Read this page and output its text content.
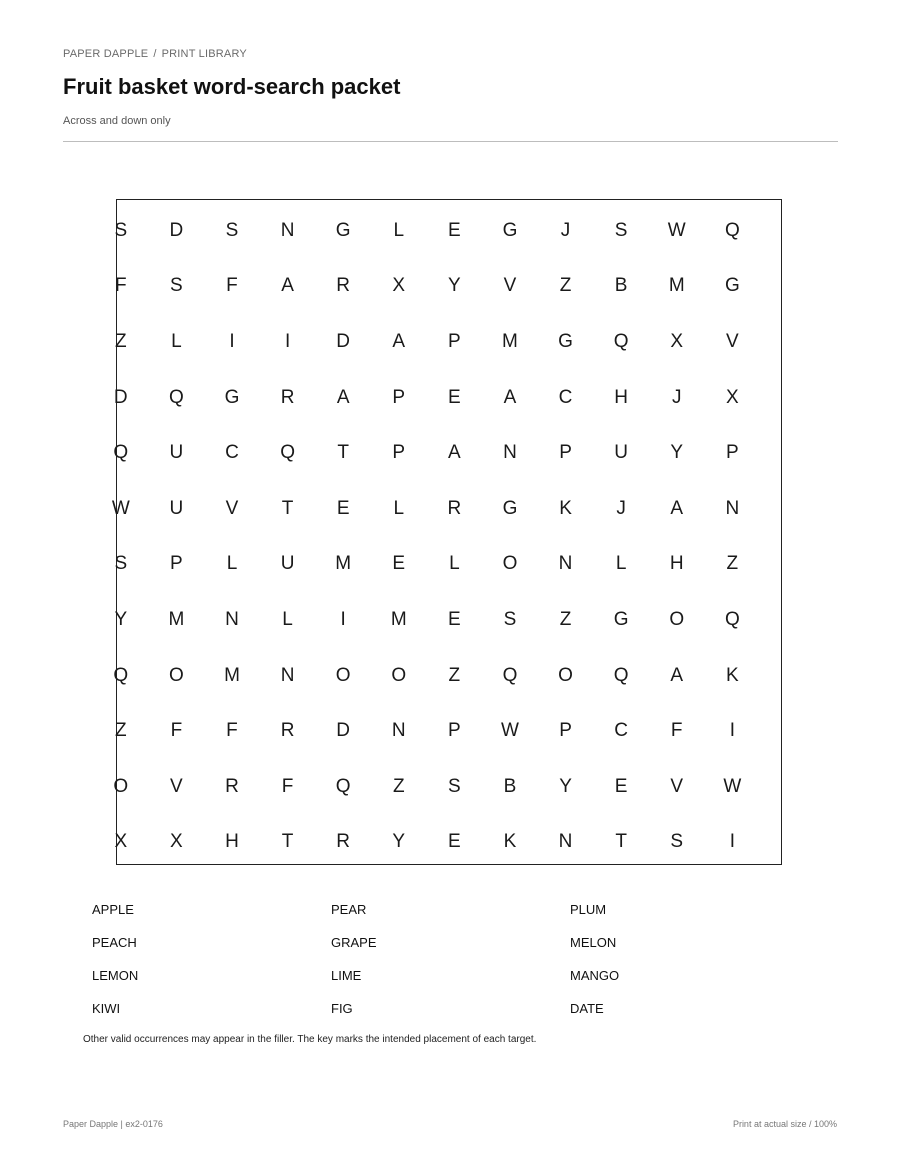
PAPER DAPPLE / PRINT LIBRARY
Fruit basket word-search packet
Across and down only
S	D	S	N	G	L	E	G	J	S	W	Q
F	S	F	A	R	X	Y	V	Z	B	M	G
Z	L	I	I	D	A	P	M	G	Q	X	V
D	Q	G	R	A	P	E	A	C	H	J	X
Q	U	C	Q	T	P	A	N	P	U	Y	P
W	U	V	T	E	L	R	G	K	J	A	N
S	P	L	U	M	E	L	O	N	L	H	Z
Y	M	N	L	I	M	E	S	Z	G	O	Q
Q	O	M	N	O	O	Z	Q	O	Q	A	K
Z	F	F	R	D	N	P	W	P	C	F	I
O	V	R	F	Q	Z	S	B	Y	E	V	W
X	X	H	T	R	Y	E	K	N	T	S	I
APPLE	PEAR	PLUM
PEACH	GRAPE	MELON
LEMON	LIME	MANGO
KIWI	FIG	DATE
Other valid occurrences may appear in the filler. The key marks the intended placement of each target.
Paper Dapple | ex2-0176	Print at actual size / 100%
